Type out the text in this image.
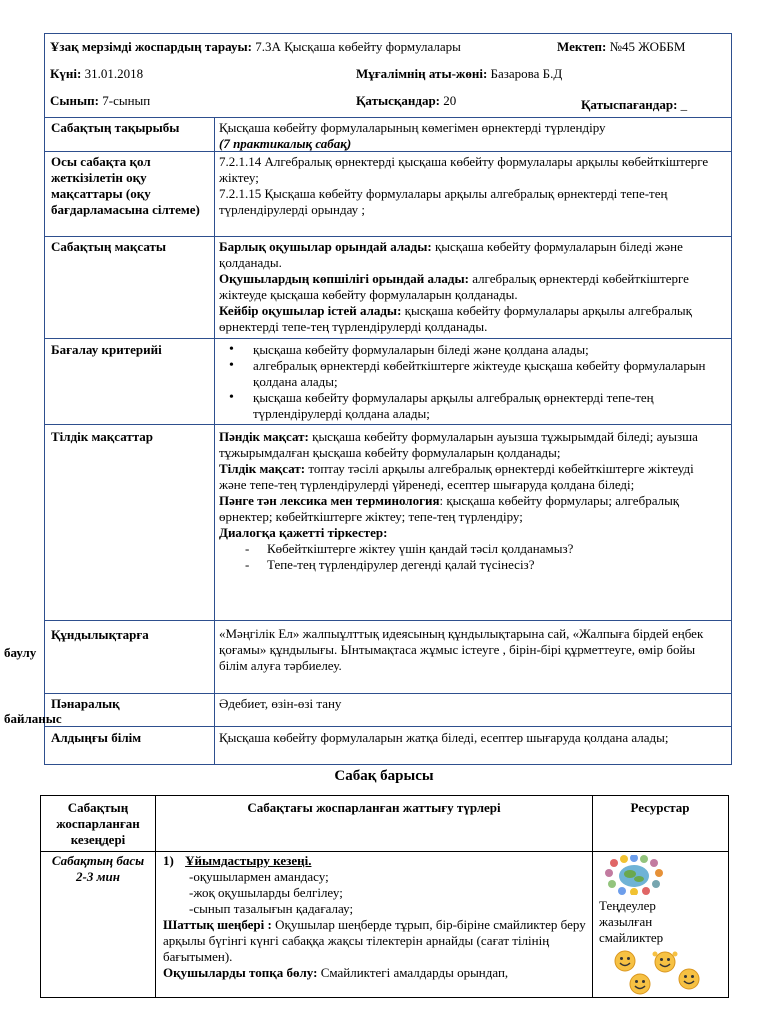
Ұзақ мерзімді жоспардың тарауы: 7.3А Қысқаша көбейту формулалары	Мектеп: №45 ЖОББМ
Күні: 31.01.2018	Мұғалімнің аты-жөні: Базарова Б.Д
Сынып: 7-сынып	Қатысқандар: 20	Қатыспағандар: _
Сабақтың тақырыбы	Қысқаша көбейту формулаларының көмегімен өрнектерді түрлендіру
(7 практикалық сабақ)
Осы сабақта қол жеткізілетін оқу мақсаттары (оқу бағдарламасына сілтеме)
7.2.1.14 Алгебралық өрнектерді қысқаша көбейту формулалары арқылы көбейткіштерге жіктеу;
7.2.1.15 Қысқаша көбейту формулалары арқылы алгебралық өрнектерді тепе-тең түрлендірулерді орындау ;
Сабақтың мақсаты	Барлық оқушылар орындай алады: қысқаша көбейту формулаларын біледі және қолданады.
Оқушылардың көпшілігі орындай алады: алгебралық өрнектерді көбейткіштерге жіктеуде қысқаша көбейту формулаларын қолданады.
Кейбір оқушылар істей алады: қысқаша көбейту формулалары арқылы алгебралық өрнектерді тепе-тең түрлендірулерді қолданады.
Бағалау критерийі
•	қысқаша көбейту формулаларын біледі және қолдана алады;
• алгебралық өрнектерді көбейткіштерге жіктеуде қысқаша көбейту формулаларын қолдана алады;
• қысқаша көбейту формулалары арқылы алгебралық өрнектерді тепе-тең түрлендірулерді қолдана алады;
Тілдік мақсаттар	Пәндік мақсат: қысқаша көбейту формулаларын ауызша тұжырымдай біледі; ауызша тұжырымдалған қысқаша көбейту формулаларын қолданады;
Тілдік мақсат: топтау тәсілі арқылы алгебралық өрнектерді көбейткіштерге жіктеуді және тепе-тең түрлендірулерді үйренеді, есептер шығаруда қолдана біледі;
Пәнге тән лексика мен терминология: қысқаша көбейту формулары; алгебралық өрнектер; көбейткіштерге жіктеу; тепе-тең түрлендіру;
Диалогқа қажетті тіркестер:
- Көбейткіштерге жіктеу үшін қандай тәсіл қолданамыз?
- Тепе-тең түрлендірулер дегенді қалай түсінесіз?
Құндылықтарға
баулу
«Мәңгілік Ел» жалпыұлттық идеясының құндылықтарына сай, «Жалпыға бірдей еңбек қоғамы» құндылығы. Ынтымақтаса жұмыс істеуге , бірін-бірі құрметтеуге, өмір бойы білім алуға тәрбиелеу.
Пәнаралық
байланыс
Әдебиет, өзін-өзі тану
Алдыңғы білім	Қысқаша көбейту формулаларын жатқа біледі, есептер шығаруда қолдана алады;
Сабақ барысы
Сабақтың жоспарланған кезеңдері
Сабақтағы жоспарланған жаттығу түрлері	Ресурстар
Сабақтың басы 2-3 мин
1) Ұйымдастыру кезеңі.
-оқушылармен амандасу;
-жоқ оқушыларды белгілеу;
-сынып тазалығын қадағалау;
Шаттық шеңбері : Оқушылар шеңберде тұрып, бір-біріне смайликтер беру арқылы бүгінгі күнгі сабаққа жақсы тілектерін арнайды (сағат тілінің бағытымен).
Оқушыларды топқа бөлу: Смайликтегі амалдарды орындап,
Теңдеулер жазылған смайликтер
